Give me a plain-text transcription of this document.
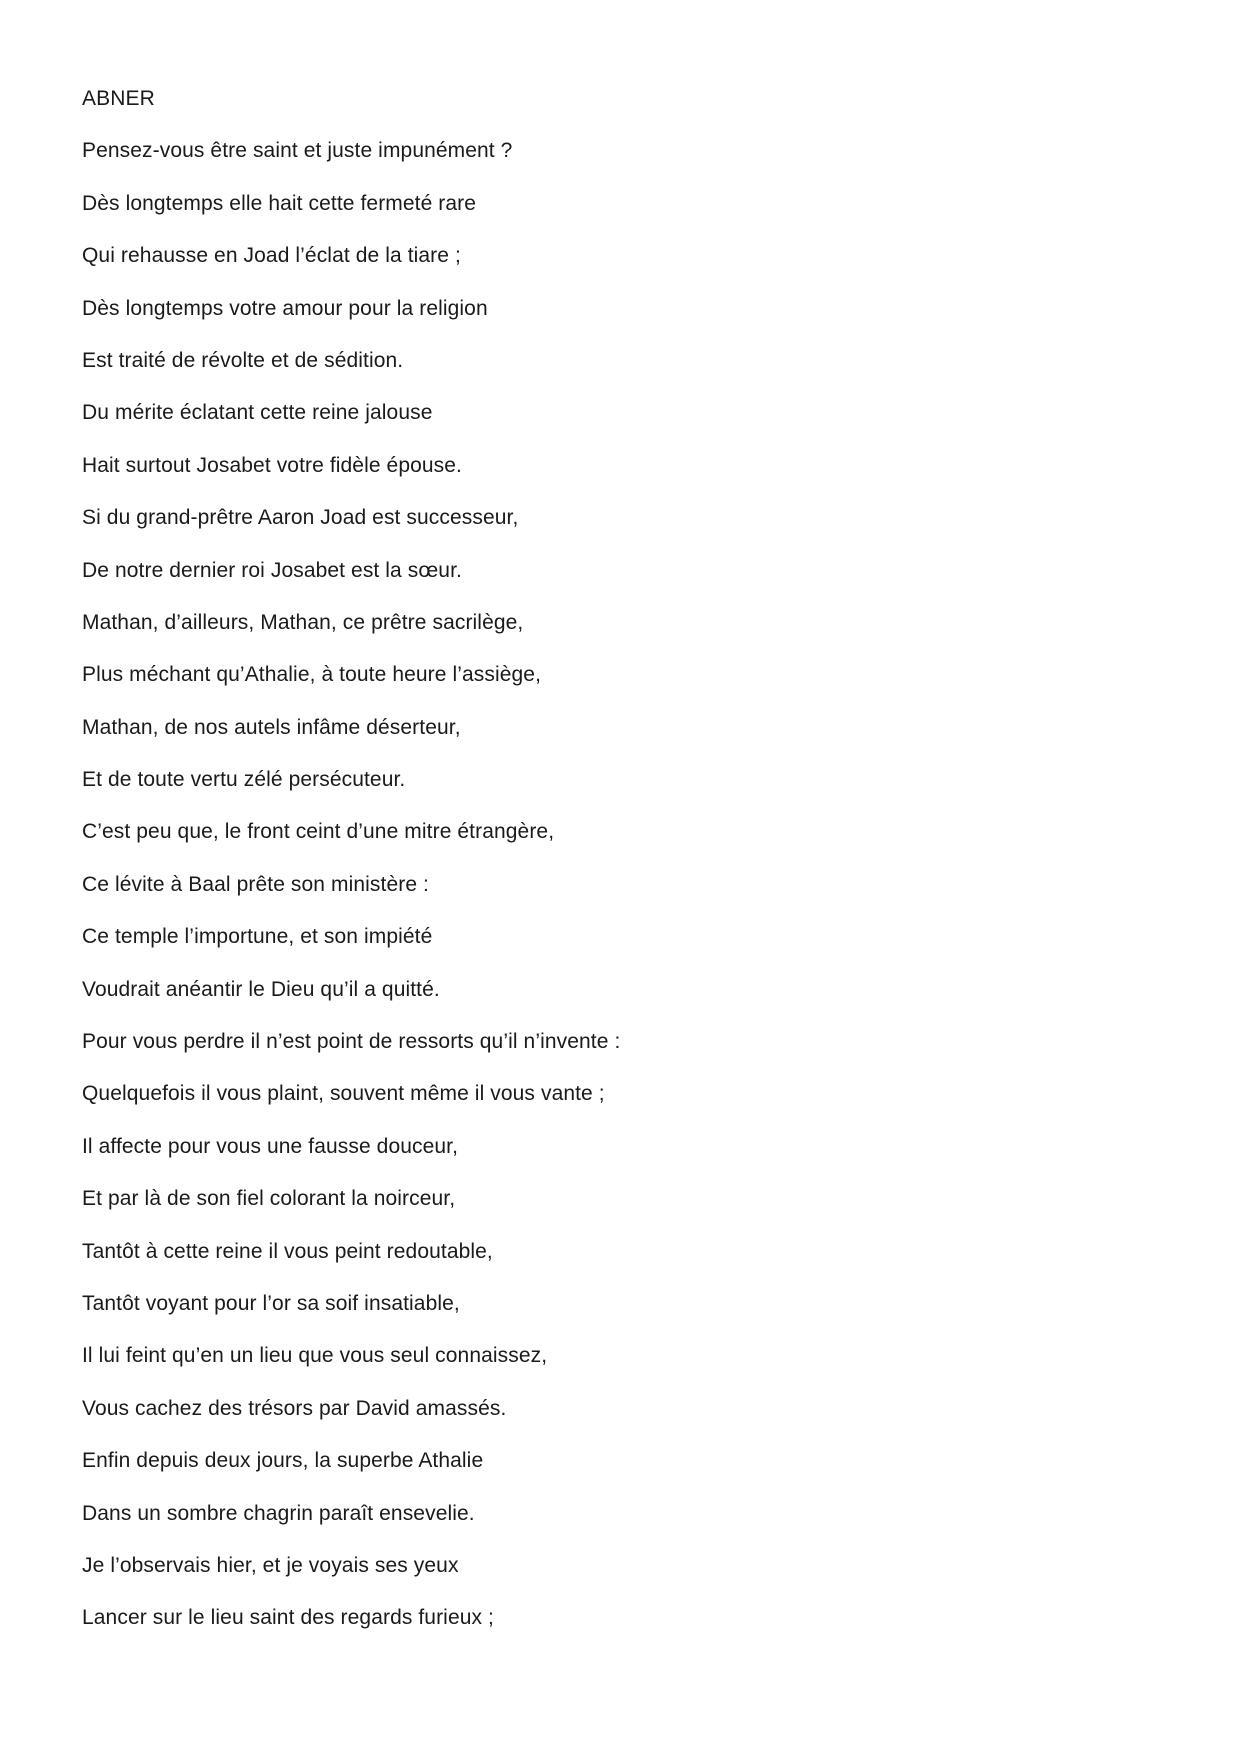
ABNER
Pensez-vous être saint et juste impunément ?
Dès longtemps elle hait cette fermeté rare
Qui rehausse en Joad l’éclat de la tiare ;
Dès longtemps votre amour pour la religion
Est traité de révolte et de sédition.
Du mérite éclatant cette reine jalouse
Hait surtout Josabet votre fidèle épouse.
Si du grand-prêtre Aaron Joad est successeur,
De notre dernier roi Josabet est la sœur.
Mathan, d’ailleurs, Mathan, ce prêtre sacrilège,
Plus méchant qu’Athalie, à toute heure l’assiège,
Mathan, de nos autels infâme déserteur,
Et de toute vertu zélé persécuteur.
C’est peu que, le front ceint d’une mitre étrangère,
Ce lévite à Baal prête son ministère :
Ce temple l’importune, et son impiété
Voudrait anéantir le Dieu qu’il a quitté.
Pour vous perdre il n’est point de ressorts qu’il n’invente :
Quelquefois il vous plaint, souvent même il vous vante ;
Il affecte pour vous une fausse douceur,
Et par là de son fiel colorant la noirceur,
Tantôt à cette reine il vous peint redoutable,
Tantôt voyant pour l’or sa soif insatiable,
Il lui feint qu’en un lieu que vous seul connaissez,
Vous cachez des trésors par David amassés.
Enfin depuis deux jours, la superbe Athalie
Dans un sombre chagrin paraît ensevelie.
Je l’observais hier, et je voyais ses yeux
Lancer sur le lieu saint des regards furieux ;
